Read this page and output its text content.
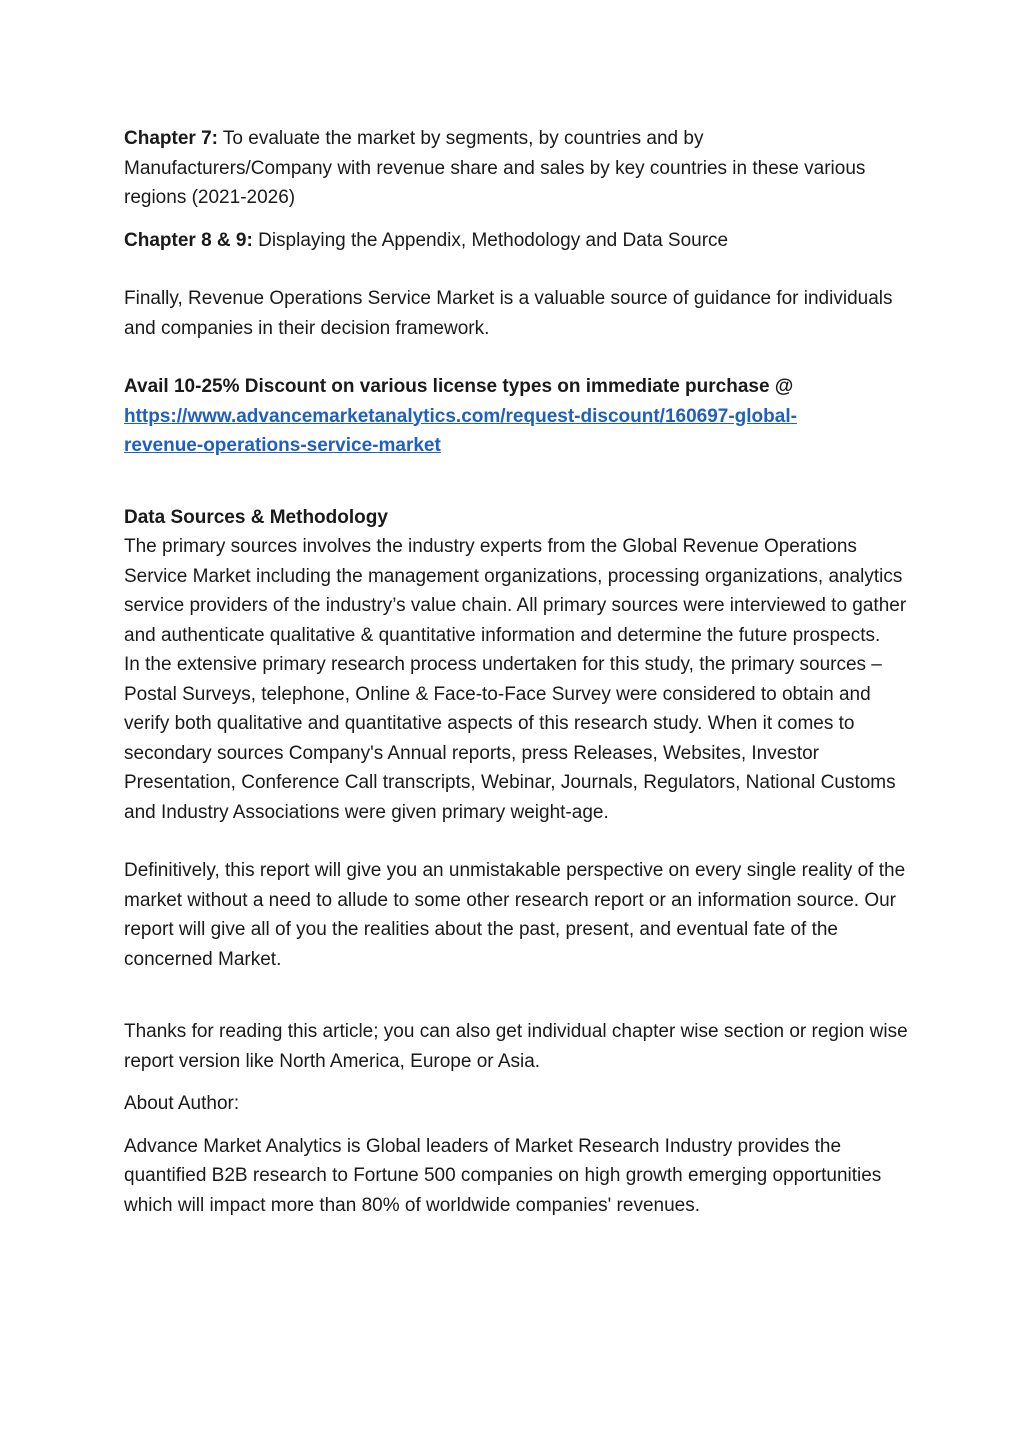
Chapter 7: To evaluate the market by segments, by countries and by Manufacturers/Company with revenue share and sales by key countries in these various regions (2021-2026)

Chapter 8 & 9: Displaying the Appendix, Methodology and Data Source

Finally, Revenue Operations Service Market is a valuable source of guidance for individuals and companies in their decision framework.

Avail 10-25% Discount on various license types on immediate purchase @

https://www.advancemarketanalytics.com/request-discount/160697-global-
revenue-operations-service-market

Data Sources & Methodology

The primary sources involves the industry experts from the Global Revenue Operations Service Market including the management organizations, processing organizations, analytics service providers of the industry’s value chain. All primary sources were interviewed to gather and authenticate qualitative & quantitative information and determine the future prospects.

In the extensive primary research process undertaken for this study, the primary sources – Postal Surveys, telephone, Online & Face-to-Face Survey were considered to obtain and verify both qualitative and quantitative aspects of this research study. When it comes to secondary sources Company's Annual reports, press Releases, Websites, Investor Presentation, Conference Call transcripts, Webinar, Journals, Regulators, National Customs and Industry Associations were given primary weight-age.

Definitively, this report will give you an unmistakable perspective on every single reality of the market without a need to allude to some other research report or an information source. Our report will give all of you the realities about the past, present, and eventual fate of the concerned Market.

Thanks for reading this article; you can also get individual chapter wise section or region wise report version like North America, Europe or Asia.

About Author:

Advance Market Analytics is Global leaders of Market Research Industry provides the quantified B2B research to Fortune 500 companies on high growth emerging opportunities which will impact more than 80% of worldwide companies' revenues.
